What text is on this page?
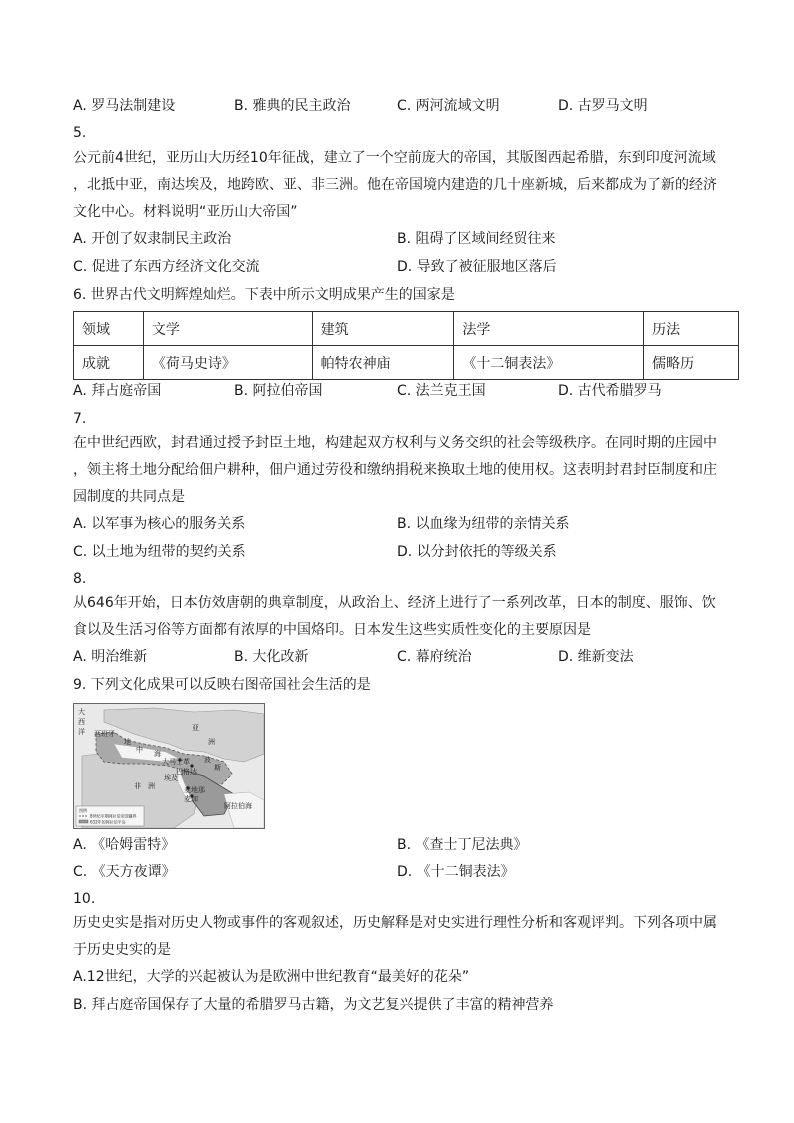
A. 罗马法制建设	B. 雅典的民主政治	C. 两河流域文明	D. 古罗马文明
5.
公元前4世纪，亚历山大历经10年征战，建立了一个空前庞大的帝国，其版图西起希腊，东到印度河流域
，北抵中亚，南达埃及，地跨欧、亚、非三洲。他在帝国境内建造的几十座新城，后来都成为了新的经济
文化中心。材料说明“亚历山大帝国”
A. 开创了奴隶制民主政治	B. 阻碍了区域间经贸往来
C. 促进了东西方经济文化交流	D. 导致了被征服地区落后
6. 世界古代文明辉煌灿烂。下表中所示文明成果产生的国家是
领域	文学	建筑	法学	历法
成就	《荷马史诗》	帕特农神庙	《十二铜表法》	儒略历
A. 拜占庭帝国	B. 阿拉伯帝国	C. 法兰克王国	D. 古代希腊罗马
7.
在中世纪西欧，封君通过授予封臣土地，构建起双方权利与义务交织的社会等级秩序。在同时期的庄园中
，领主将土地分配给佃户耕种，佃户通过劳役和缴纳捐税来换取土地的使用权。这表明封君封臣制度和庄
园制度的共同点是
A. 以军事为核心的服务关系	B. 以血缘为纽带的亲情关系
C. 以土地为纽带的契约关系	D. 以分封依托的等级关系
8.
从646年开始，日本仿效唐朝的典章制度，从政治上、经济上进行了一系列改革，日本的制度、服饰、饮
食以及生活习俗等方面都有浓厚的中国烙印。日本发生这些实质性变化的主要原因是
A. 明治维新	B. 大化改新	C. 幕府统治	D. 维新变法
9. 下列文化成果可以反映右图帝国社会生活的是
大
西
洋 西班牙
地
中 海
亚
洲
巴格达
大马士革 波
斯
埃及
麦地那
麦加
非 洲
阿拉伯海
图例
8世纪中期阿拉伯帝国疆界
632年的阿拉伯半岛
A. 《哈姆雷特》	B. 《查士丁尼法典》
C. 《天方夜谭》	D. 《十二铜表法》
10.
历史史实是指对历史人物或事件的客观叙述，历史解释是对史实进行理性分析和客观评判。下列各项中属
于历史史实的是
A.12世纪，大学的兴起被认为是欧洲中世纪教育“最美好的花朵”
B. 拜占庭帝国保存了大量的希腊罗马古籍，为文艺复兴提供了丰富的精神营养
